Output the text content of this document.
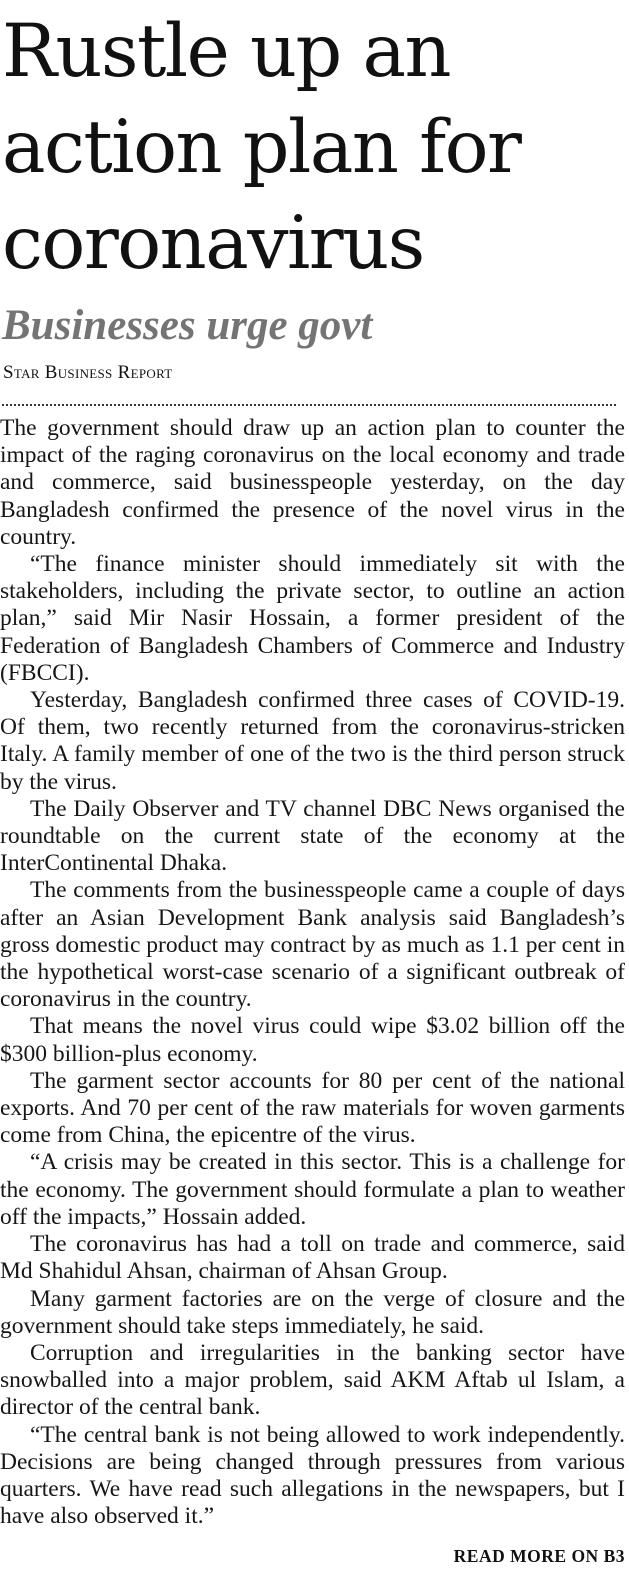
Rustle up an
action plan for
coronavirus
Businesses urge govt
Star Business Report

The government should draw up an action plan to counter the impact of the raging coronavirus on the local economy and trade and commerce, said businesspeople yesterday, on the day Bangladesh confirmed the presence of the novel virus in the country.

“The finance minister should immediately sit with the stakeholders, including the private sector, to outline an action plan,” said Mir Nasir Hossain, a former president of the Federation of Bangladesh Chambers of Commerce and Industry (FBCCI).

Yesterday, Bangladesh confirmed three cases of COVID-19. Of them, two recently returned from the coronavirus-stricken Italy. A family member of one of the two is the third person struck by the virus.

The Daily Observer and TV channel DBC News organised the roundtable on the current state of the economy at the InterContinental Dhaka.

The comments from the businesspeople came a couple of days after an Asian Development Bank analysis said Bangladesh’s gross domestic product may contract by as much as 1.1 per cent in the hypothetical worst-case scenario of a significant outbreak of coronavirus in the country.

That means the novel virus could wipe $3.02 billion off the $300 billion-plus economy.

The garment sector accounts for 80 per cent of the national exports. And 70 per cent of the raw materials for woven garments come from China, the epicentre of the virus.

“A crisis may be created in this sector. This is a challenge for the economy. The government should formulate a plan to weather off the impacts,” Hossain added.

The coronavirus has had a toll on trade and commerce, said Md Shahidul Ahsan, chairman of Ahsan Group.

Many garment factories are on the verge of closure and the government should take steps immediately, he said.

Corruption and irregularities in the banking sector have snowballed into a major problem, said AKM Aftab ul Islam, a director of the central bank.

“The central bank is not being allowed to work independently. Decisions are being changed through pressures from various quarters. We have read such allegations in the newspapers, but I have also observed it.”

READ MORE ON B3
